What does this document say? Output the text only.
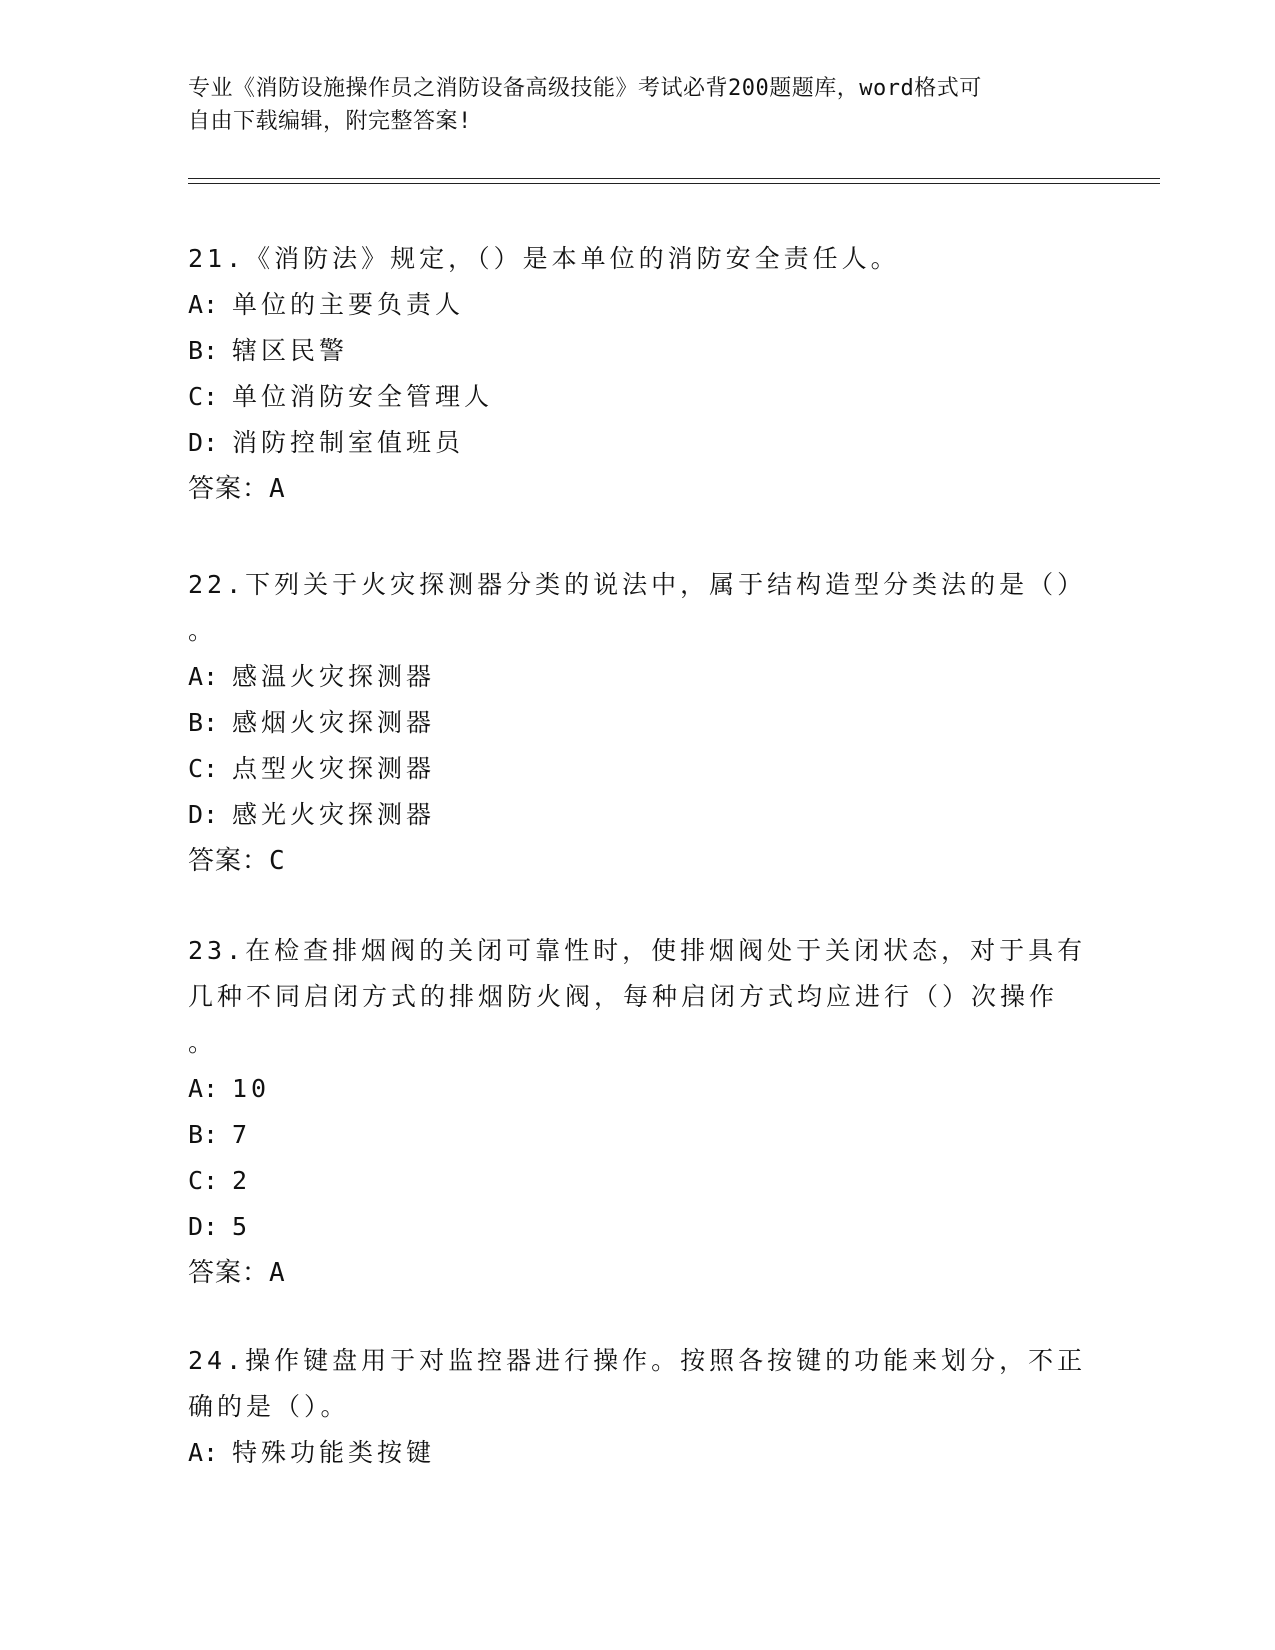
专业《消防设施操作员之消防设备高级技能》考试必背200题题库，word格式可
自由下载编辑，附完整答案!

21.《消防法》规定，（）是本单位的消防安全责任人。

A: 单位的主要负责人

B: 辖区民警

C: 单位消防安全管理人

D: 消防控制室值班员

答案：A

22.下列关于火灾探测器分类的说法中，属于结构造型分类法的是（）

。

A: 感温火灾探测器

B: 感烟火灾探测器

C: 点型火灾探测器

D: 感光火灾探测器

答案：C

23.在检查排烟阀的关闭可靠性时，使排烟阀处于关闭状态，对于具有

几种不同启闭方式的排烟防火阀，每种启闭方式均应进行（）次操作

。

A: 10

B: 7

C: 2

D: 5

答案：A

24.操作键盘用于对监控器进行操作。按照各按键的功能来划分，不正

确的是（）。

A: 特殊功能类按键
